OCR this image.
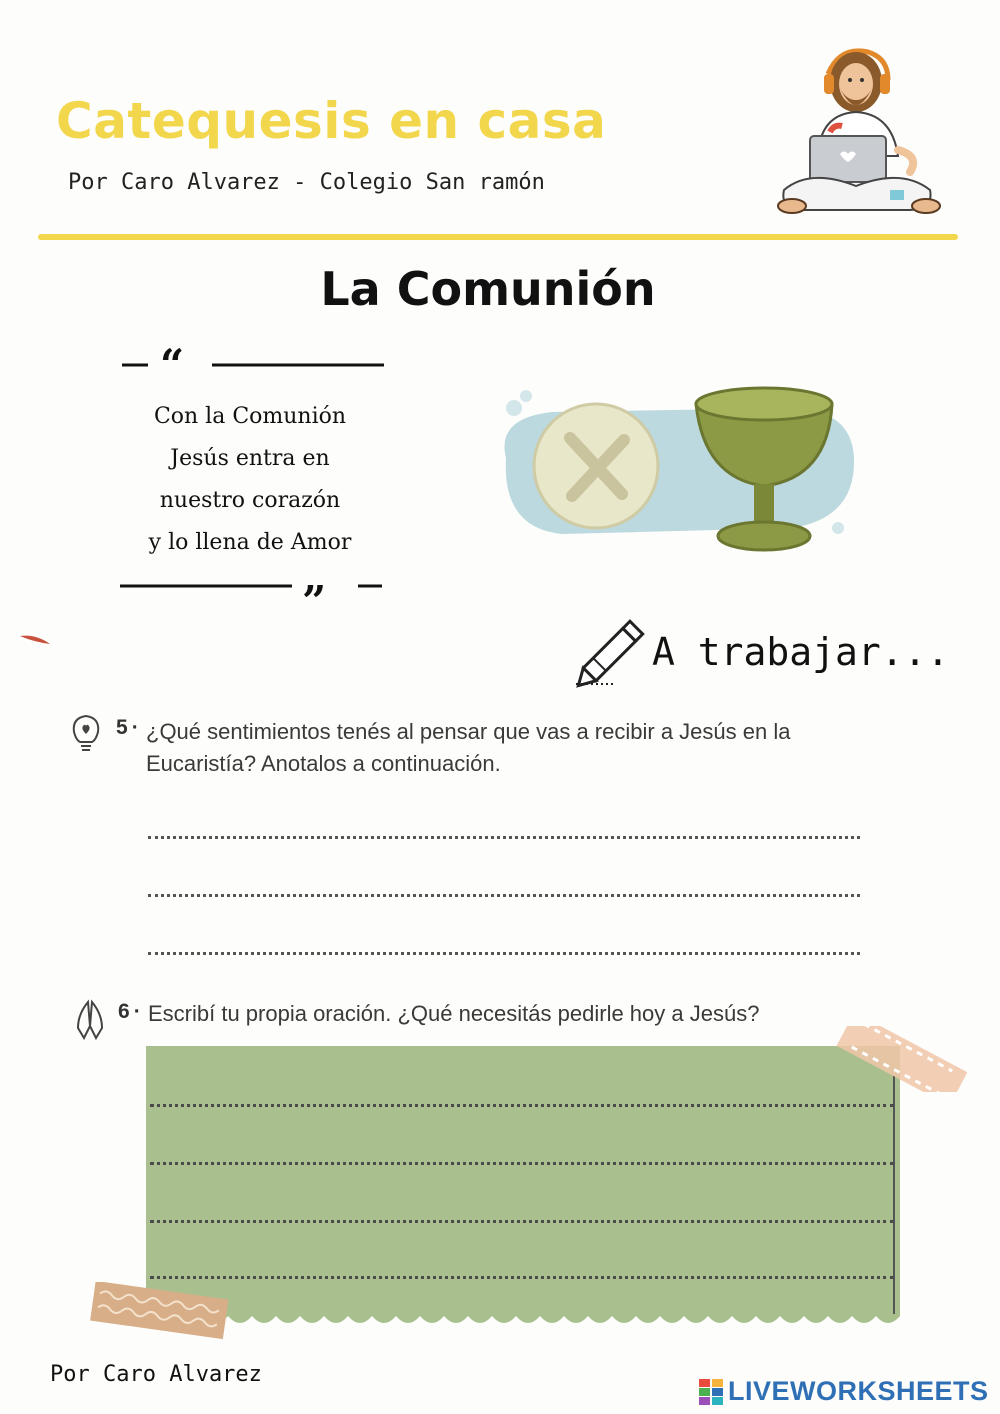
Catequesis en casa
Por Caro Alvarez - Colegio San ramón
La Comunión
“
Con la Comunión
Jesús entra en
nuestro corazón
y lo llena de Amor
”
A trabajar...
5 · ¿Qué sentimientos tenés al pensar que vas a recibir a Jesús en la
Eucaristía? Anotalos a continuación.
6 · Escribí tu propia oración. ¿Qué necesitás pedirle hoy a Jesús?
Por Caro Alvarez
LIVEWORKSHEETS
